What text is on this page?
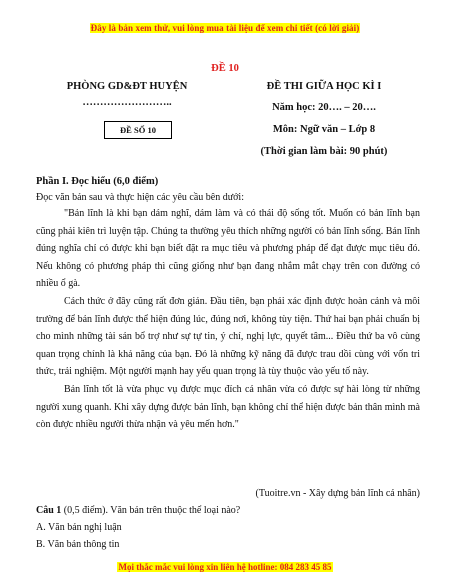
Đây là bản xem thử, vui lòng mua tài liệu để xem chi tiết (có lời giải)
ĐỀ 10
PHÒNG GD&ĐT HUYỆN
……………………..
ĐỀ SỐ 10
ĐỀ THI GIỮA HỌC KÌ I
Năm học: 20…. – 20….
Môn: Ngữ văn – Lớp 8
(Thời gian làm bài: 90 phút)
Phần I. Đọc hiểu (6,0 điểm)
Đọc văn bản sau và thực hiện các yêu cầu bên dưới:

"Bản lĩnh là khi bạn dám nghĩ, dám làm và có thái độ sống tốt. Muốn có bản lĩnh bạn cũng phải kiên trì luyện tập. Chúng ta thường yêu thích những người có bản lĩnh sống. Bản lĩnh đúng nghĩa chỉ có được khi bạn biết đặt ra mục tiêu và phương pháp để đạt được mục tiêu đó. Nếu không có phương pháp thì cũng giống như bạn đang nhắm mắt chạy trên con đường có nhiều ổ gà.

Cách thức ở đây cũng rất đơn giản. Đầu tiên, bạn phải xác định được hoàn cảnh và môi trường để bản lĩnh được thể hiện đúng lúc, đúng nơi, không tùy tiện. Thứ hai bạn phải chuẩn bị cho mình những tài sản bổ trợ như sự tự tin, ý chí, nghị lực, quyết tâm... Điều thứ ba vô cùng quan trọng chính là khả năng của bạn. Đó là những kỹ năng đã được trau dồi cùng với vốn tri thức, trải nghiệm. Một người mạnh hay yếu quan trọng là tùy thuộc vào yếu tố này.

Bản lĩnh tốt là vừa phục vụ được mục đích cá nhân vừa có được sự hài lòng từ những người xung quanh. Khi xây dựng được bản lĩnh, bạn không chỉ thể hiện được bản thân mình mà còn được nhiều người thừa nhận và yêu mến hơn."

(Tuoitre.vn - Xây dựng bản lĩnh cá nhân)
Câu 1 (0,5 điểm). Văn bản trên thuộc thể loại nào?
A. Văn bản nghị luận
B. Văn bản thông tin
Mọi thắc mắc vui lòng xin liên hệ hotline: 084 283 45 85
